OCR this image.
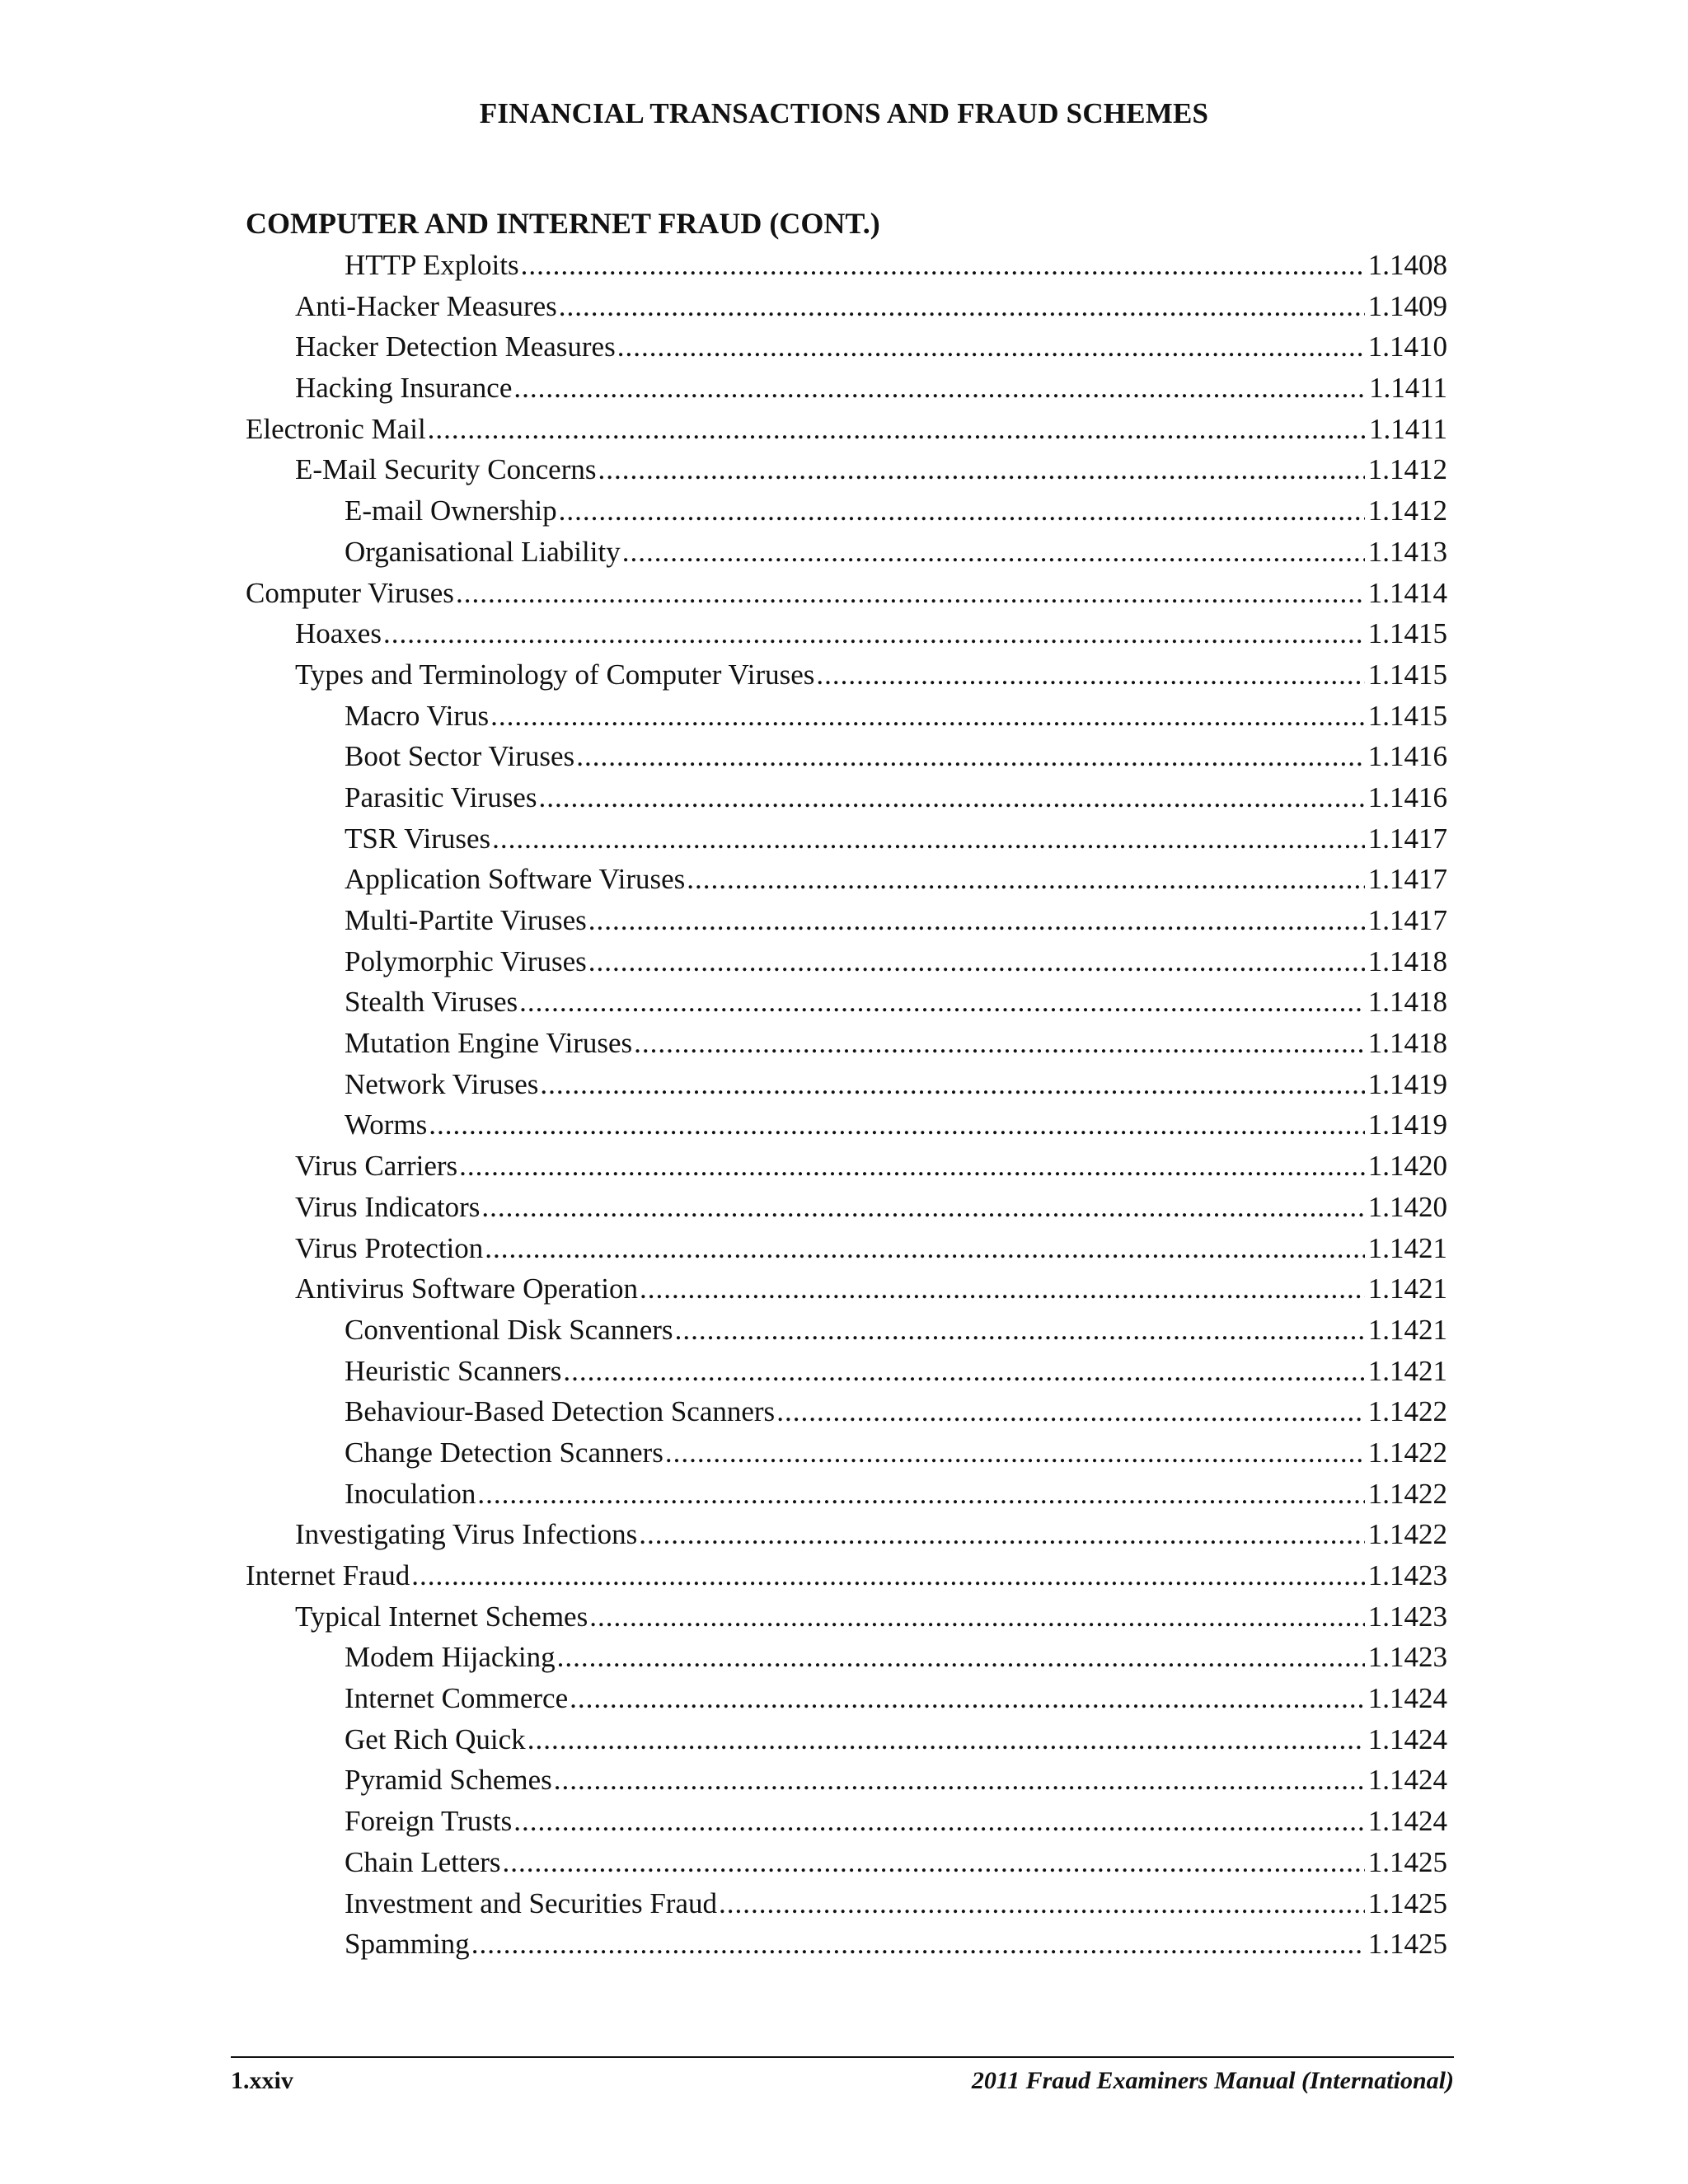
FINANCIAL TRANSACTIONS AND FRAUD SCHEMES
COMPUTER AND INTERNET FRAUD (CONT.)
HTTP Exploits .....	1.1408
Anti-Hacker Measures .....	1.1409
Hacker Detection Measures .....	1.1410
Hacking Insurance .....	1.1411
Electronic Mail .....	1.1411
E-Mail Security Concerns .....	1.1412
E-mail Ownership .....	1.1412
Organisational Liability .....	1.1413
Computer Viruses .....	1.1414
Hoaxes .....	1.1415
Types and Terminology of Computer Viruses .....	1.1415
Macro Virus .....	1.1415
Boot Sector Viruses .....	1.1416
Parasitic Viruses .....	1.1416
TSR Viruses .....	1.1417
Application Software Viruses .....	1.1417
Multi-Partite Viruses .....	1.1417
Polymorphic Viruses .....	1.1418
Stealth Viruses .....	1.1418
Mutation Engine Viruses .....	1.1418
Network Viruses .....	1.1419
Worms .....	1.1419
Virus Carriers .....	1.1420
Virus Indicators .....	1.1420
Virus Protection .....	1.1421
Antivirus Software Operation .....	1.1421
Conventional Disk Scanners .....	1.1421
Heuristic Scanners .....	1.1421
Behaviour-Based Detection Scanners .....	1.1422
Change Detection Scanners .....	1.1422
Inoculation .....	1.1422
Investigating Virus Infections .....	1.1422
Internet Fraud .....	1.1423
Typical Internet Schemes .....	1.1423
Modem Hijacking .....	1.1423
Internet Commerce .....	1.1424
Get Rich Quick .....	1.1424
Pyramid Schemes .....	1.1424
Foreign Trusts .....	1.1424
Chain Letters .....	1.1425
Investment and Securities Fraud .....	1.1425
Spamming .....	1.1425
1.xxiv	2011 Fraud Examiners Manual (International)
